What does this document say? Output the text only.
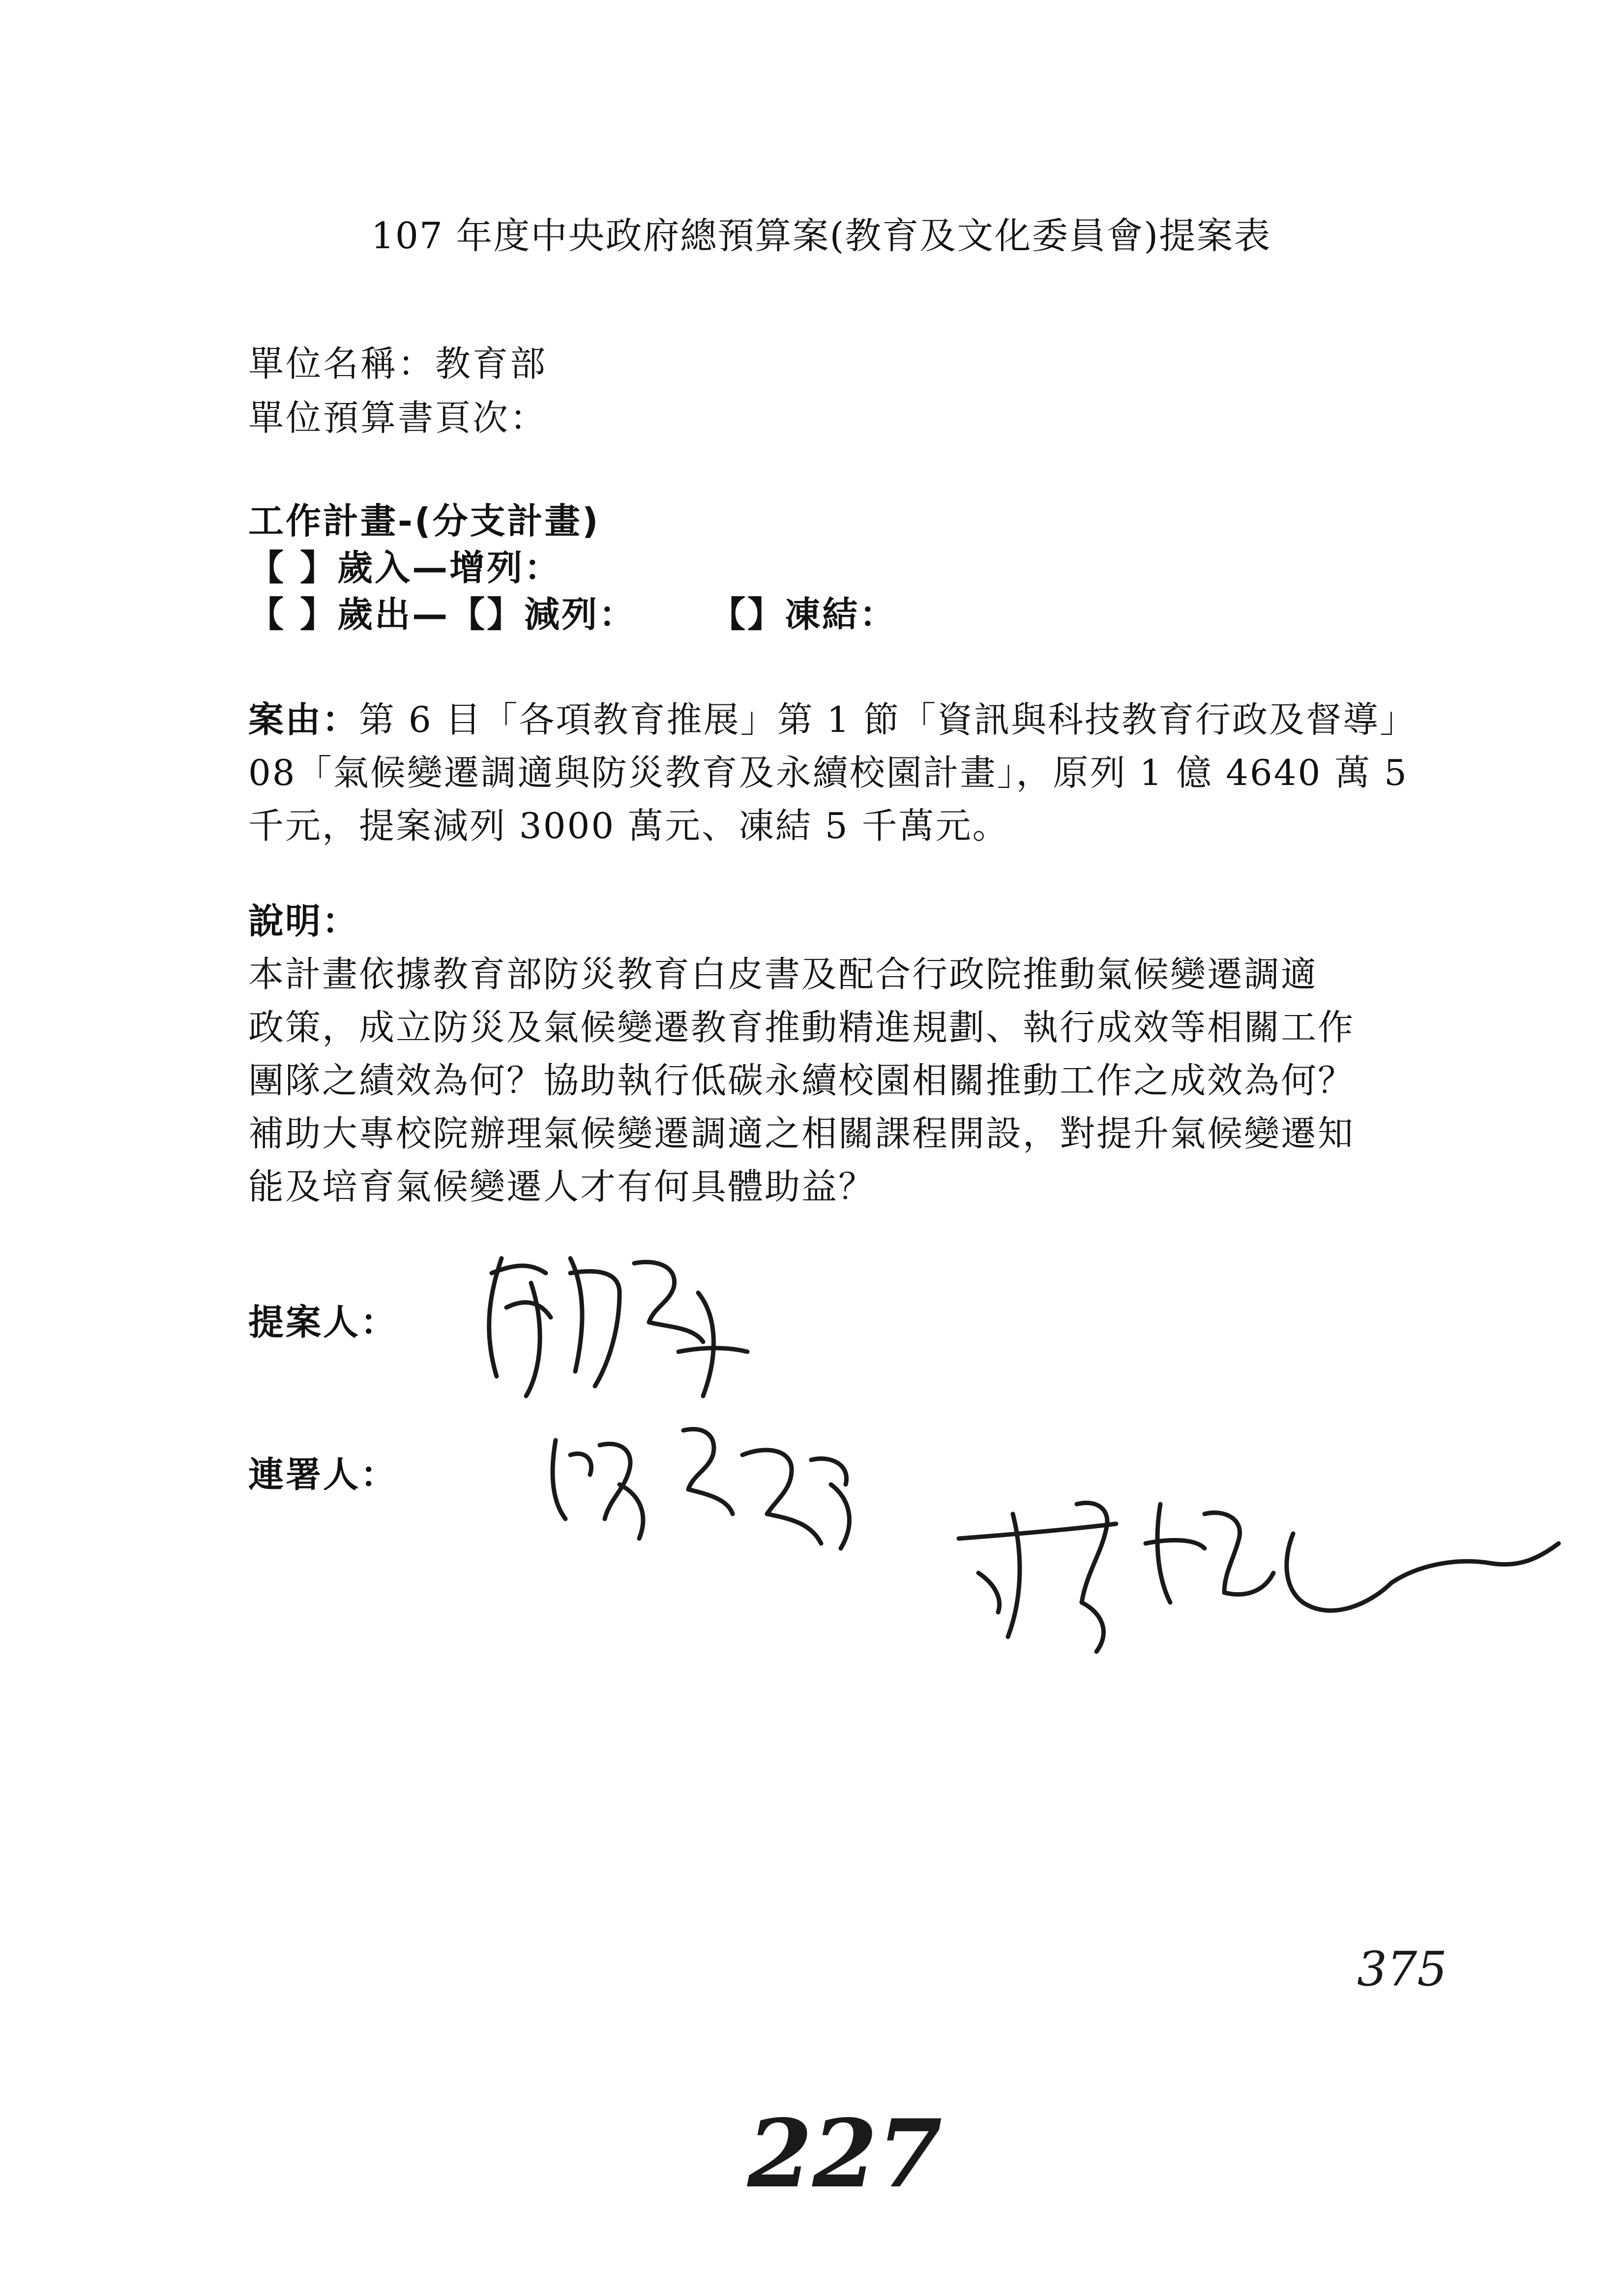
107 年度中央政府總預算案(教育及文化委員會)提案表
單位名稱：教育部
單位預算書頁次：
工作計畫-(分支計畫)
【 】歲入—增列：
【 】歲出—【】減列： 【】凍結：
案由：第 6 目「各項教育推展」第 1 節「資訊與科技教育行政及督導」
08「氣候變遷調適與防災教育及永續校園計畫」，原列 1 億 4640 萬 5
千元，提案減列 3000 萬元、凍結 5 千萬元。
說明：
本計畫依據教育部防災教育白皮書及配合行政院推動氣候變遷調適
政策，成立防災及氣候變遷教育推動精進規劃、執行成效等相關工作
團隊之績效為何？協助執行低碳永續校園相關推動工作之成效為何？
補助大專校院辦理氣候變遷調適之相關課程開設，對提升氣候變遷知
能及培育氣候變遷人才有何具體助益？
提案人：
連署人：
375
227
